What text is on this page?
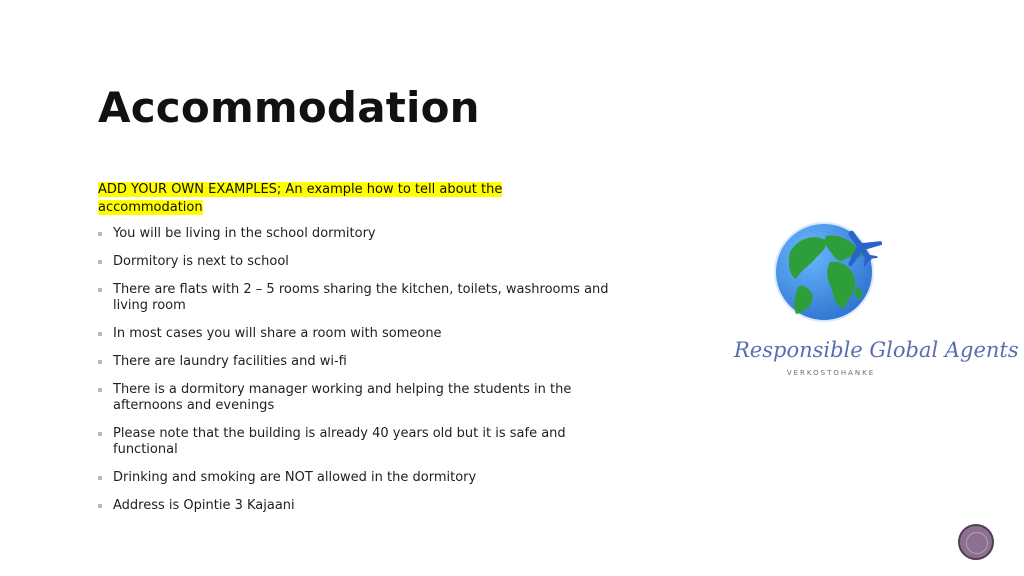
Accommodation
ADD YOUR OWN EXAMPLES; An example how to tell about the
accommodation
You will be living in the school dormitory
Dormitory is next to school
There are flats with 2 – 5 rooms sharing the kitchen, toilets, washrooms and living room
In most cases you will share a room with someone
There are laundry facilities and wi-fi
There is a dormitory manager working and helping the students in the afternoons and evenings
Please note that the building is already 40 years old but it is safe and functional
Drinking and smoking are NOT allowed in the dormitory
Address is Opintie 3 Kajaani
Responsible Global Agents
VERKOSTOHANKE
